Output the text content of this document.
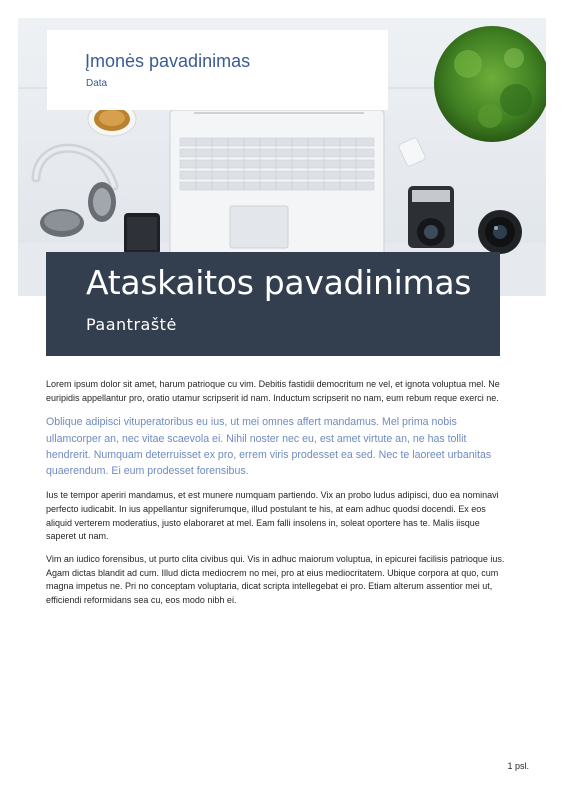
Įmonės pavadinimas
Data
Ataskaitos pavadinimas
Paantraštė

Lorem ipsum dolor sit amet, harum patrioque cu vim. Debitis fastidii democritum ne vel, et ignota voluptua mel. Ne euripidis appellantur pro, oratio utamur scripserit id nam. Inductum scripserit no nam, eum rebum reque exerci ne.

Oblique adipisci vituperatoribus eu ius, ut mei omnes affert mandamus. Mel prima nobis ullamcorper an, nec vitae scaevola ei. Nihil noster nec eu, est amet virtute an, ne has tollit hendrerit. Numquam deterruisset ex pro, errem viris prodesset ea sed. Nec te laoreet urbanitas quaerendum. Ei eum prodesset forensibus.

Ius te tempor aperiri mandamus, et est munere numquam partiendo. Vix an probo ludus adipisci, duo ea nominavi perfecto iudicabit. In ius appellantur signiferumque, illud postulant te his, at eam adhuc quodsi docendi. Ex eos aliquid verterem moderatius, justo elaboraret at mel. Eam falli insolens in, soleat oportere has te. Malis iisque saperet ut nam.

Vim an iudico forensibus, ut purto clita civibus qui. Vis in adhuc maiorum voluptua, in epicurei facilisis patrioque ius. Agam dictas blandit ad cum. Illud dicta mediocrem no mei, pro at eius mediocritatem. Ubique corpora at quo, cum magna impetus ne. Pri no conceptam voluptaria, dicat scripta intellegebat ei pro. Etiam alterum assentior mei ut, efficiendi reformidans sea cu, eos modo nibh ei.

1 psl.
